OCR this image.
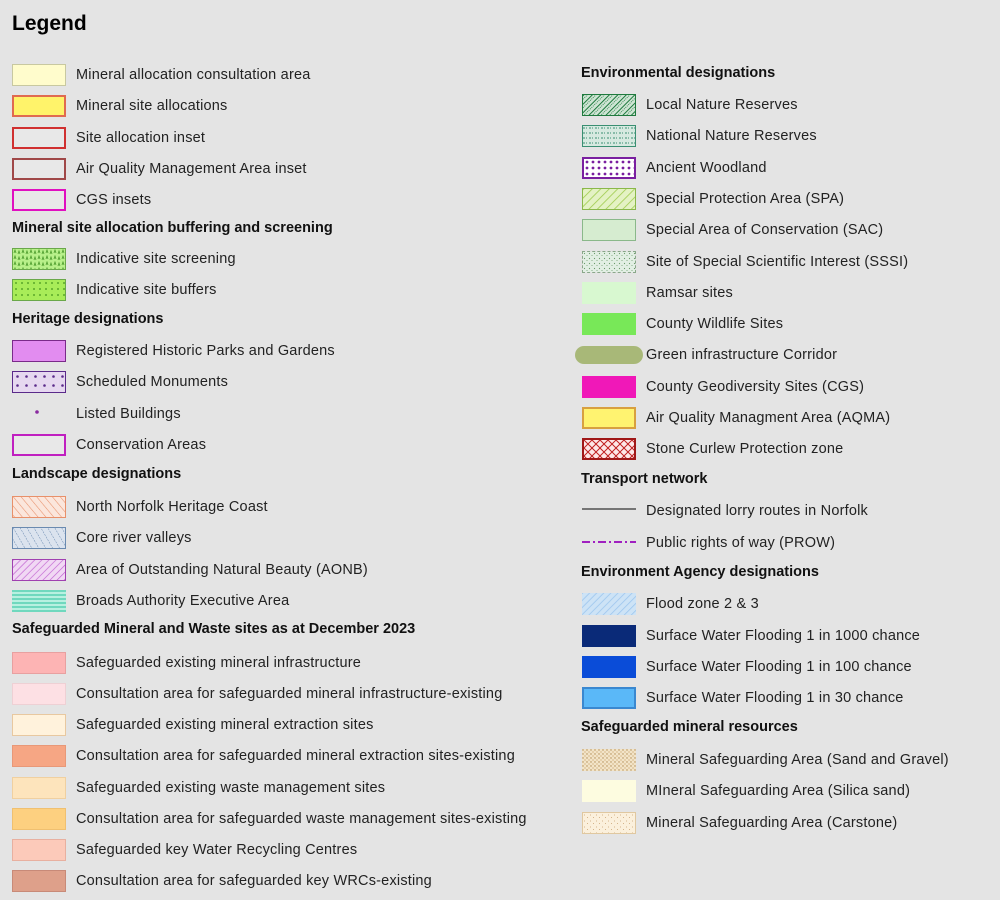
Legend
Mineral allocation consultation area
Mineral site allocations
Site allocation inset
Air Quality Management Area inset
CGS insets
Mineral site allocation buffering and screening
Indicative site screening
Indicative site buffers
Heritage designations
Registered Historic Parks and Gardens
Scheduled Monuments
Listed Buildings
Conservation Areas
Landscape designations
North Norfolk Heritage Coast
Core river valleys
Area of Outstanding Natural Beauty (AONB)
Broads Authority Executive Area
Safeguarded Mineral and Waste sites as at December 2023
Safeguarded existing mineral infrastructure
Consultation area for safeguarded mineral infrastructure-existing
Safeguarded existing mineral extraction sites
Consultation area for safeguarded mineral extraction sites-existing
Safeguarded existing waste management sites
Consultation area for safeguarded waste management sites-existing
Safeguarded key Water Recycling Centres
Consultation area for safeguarded key WRCs-existing
Environmental designations
Local Nature Reserves
National Nature Reserves
Ancient Woodland
Special Protection Area (SPA)
Special Area of Conservation (SAC)
Site of Special Scientific Interest (SSSI)
Ramsar sites
County Wildlife Sites
Green infrastructure Corridor
County Geodiversity Sites (CGS)
Air Quality Managment Area (AQMA)
Stone Curlew Protection zone
Transport network
Designated lorry routes in Norfolk
Public rights of way (PROW)
Environment Agency designations
Flood zone 2 & 3
Surface Water Flooding 1 in 1000 chance
Surface Water Flooding 1 in 100 chance
Surface Water Flooding 1 in 30 chance
Safeguarded mineral resources
Mineral Safeguarding Area (Sand and Gravel)
MIneral Safeguarding Area (Silica sand)
Mineral Safeguarding Area (Carstone)
